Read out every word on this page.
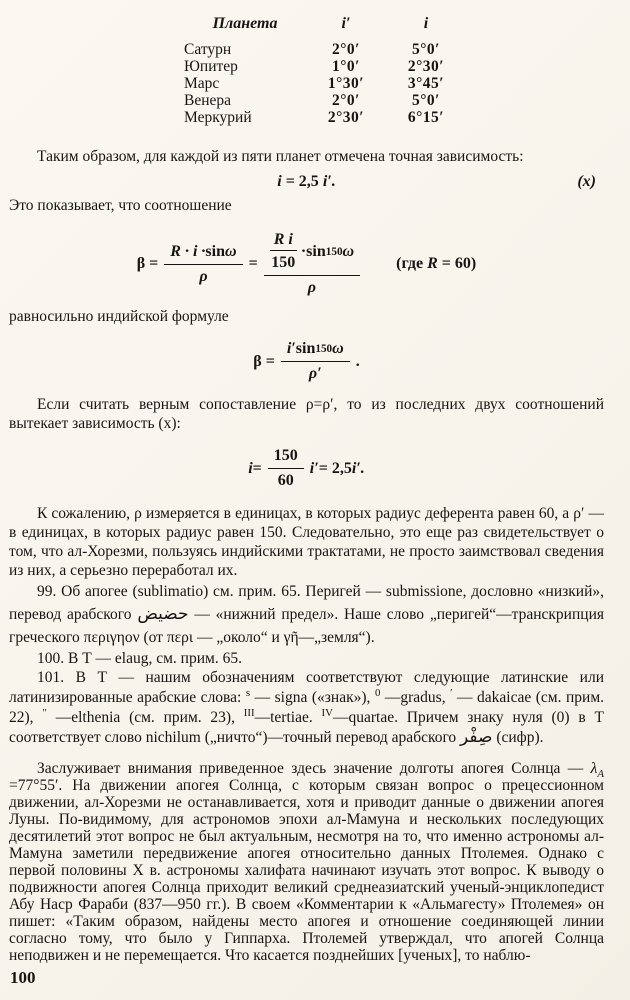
Планета	i′	i
Сатурн	2°0′	5°0′
Юпитер	1°0′	2°30′
Марс	1°30′	3°45′
Венера	2°0′	5°0′
Меркурий	2°30′	6°15′

Таким образом, для каждой из пяти планет отмечена точная зависимость:

i = 2,5 i′.	(x)

Это показывает, что соотношение

$\beta = \frac{\text{R · i · sin ω}}{\rho} = \frac{\frac{\text{R i}}{150} \cdot \sin 150 \omega}{\rho} (где$ R = 60)

равносильно индийской формуле

$\beta = \frac{i' \sin 150 \omega}{\rho'}$ .

Если считать верным сопоставление ρ=ρ′, то из последних двух соотношений вытекает зависимость (x):

$i = \frac{150}{60} i' = 2,5$ i′.

К сожалению, ρ измеряется в единицах, в которых радиус деферента равен 60, а ρ′ — в единицах, в которых радиус равен 150. Следовательно, это еще раз свидетельствует о том, что ал-Хорезми, пользуясь индийскими трактатами, не просто заимствовал сведения из них, а серьезно переработал их.

99. Об апогее (sublimatio) см. прим. 65. Перигей — submissione, дословно «низкий», перевод арабского حضيض — «нижний предел». Наше слово „перигей“—транскрипция греческого περιγηον (от περι — „около“ и γῆ—„земля“).

100. В Т — elaug, см. прим. 65.

101. В Т — нашим обозначениям соответствуют следующие латинские или латинизированные арабские слова: $^s$ — signa («знак»), $^0$ —gradus, ′ — dakaicae (см. прим. 22), ″ —elthenia (см. прим. 23), $^{III}$—tertiae. $^{IV}$—quartae. Причем знаку нуля (0) в Т соответствует слово nichilum („ничто“)—точный перевод арабского صِفْر (сифр).

Заслуживает внимания приведенное здесь значение долготы апогея Солнца — $\lambda_А =77^\circ 55'$. На движении апогея Солнца, с которым связан вопрос о прецессионном движении, ал-Хорезми не останавливается, хотя и приводит данные о движении апогея Луны. По-видимому, для астрономов эпохи ал-Мамуна и нескольких последующих десятилетий этот вопрос не был актуальным, несмотря на то, что именно астрономы ал-Мамуна заметили передвижение апогея относительно данных Птолемея. Однако с первой половины X в. астрономы халифата начинают изучать этот вопрос. К выводу о подвижности апогея Солнца приходит великий среднеазиатский ученый-энциклопедист Абу Наср Фараби (837—950 гг.). В своем «Комментарии к «Альмагесту» Птолемея» он пишет: «Таким образом, найдены место апогея и отношение соединяющей линии согласно тому, что было у Гиппарха. Птолемей утверждал, что апогей Солнца неподвижен и не перемещается. Что касается позднейших [ученых], то наблю-

100
